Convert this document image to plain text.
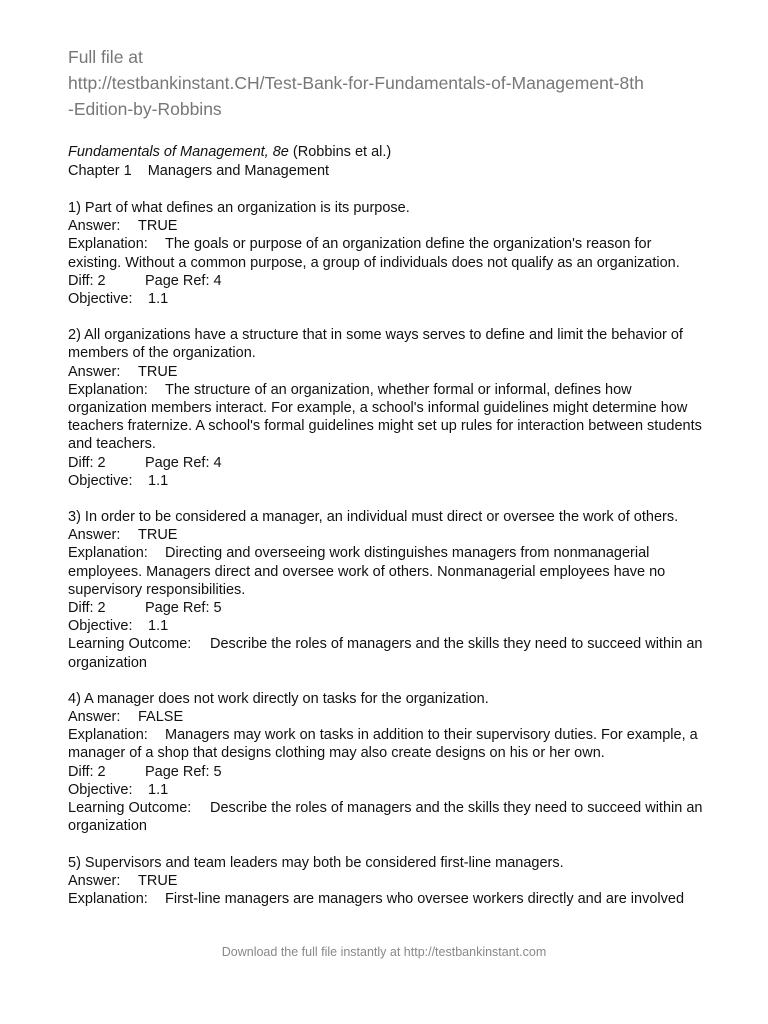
Full file at
http://testbankinstant.CH/Test-Bank-for-Fundamentals-of-Management-8th
-Edition-by-Robbins
Fundamentals of Management, 8e (Robbins et al.)
Chapter 1 Managers and Management
1) Part of what defines an organization is its purpose.
Answer: TRUE
Explanation: The goals or purpose of an organization define the organization's reason for existing. Without a common purpose, a group of individuals does not qualify as an organization.
Diff: 2	Page Ref: 4
Objective: 1.1
2) All organizations have a structure that in some ways serves to define and limit the behavior of members of the organization.
Answer: TRUE
Explanation: The structure of an organization, whether formal or informal, defines how organization members interact. For example, a school's informal guidelines might determine how teachers fraternize. A school's formal guidelines might set up rules for interaction between students and teachers.
Diff: 2	Page Ref: 4
Objective: 1.1
3) In order to be considered a manager, an individual must direct or oversee the work of others.
Answer: TRUE
Explanation: Directing and overseeing work distinguishes managers from nonmanagerial employees. Managers direct and oversee work of others. Nonmanagerial employees have no supervisory responsibilities.
Diff: 2	Page Ref: 5
Objective: 1.1
Learning Outcome: Describe the roles of managers and the skills they need to succeed within an organization
4) A manager does not work directly on tasks for the organization.
Answer: FALSE
Explanation: Managers may work on tasks in addition to their supervisory duties. For example, a manager of a shop that designs clothing may also create designs on his or her own.
Diff: 2	Page Ref: 5
Objective: 1.1
Learning Outcome: Describe the roles of managers and the skills they need to succeed within an organization
5) Supervisors and team leaders may both be considered first-line managers.
Answer: TRUE
Explanation: First-line managers are managers who oversee workers directly and are involved
Download the full file instantly at http://testbankinstant.com
